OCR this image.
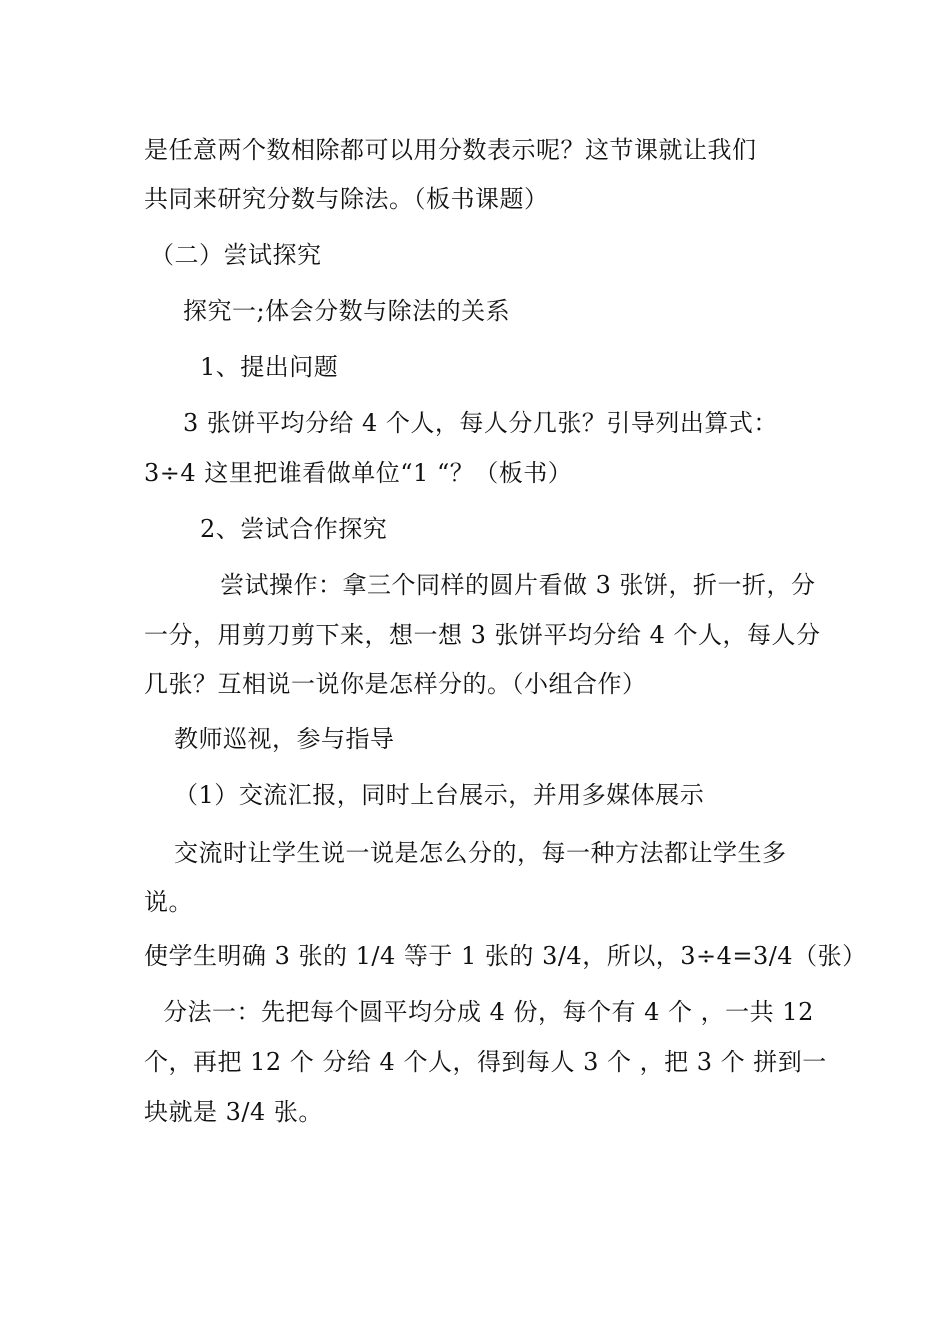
是任意两个数相除都可以用分数表示呢？这节课就让我们
共同来研究分数与除法。（板书课题）
（二）尝试探究
探究一;体会分数与除法的关系
1、提出问题
3 张饼平均分给 4 个人，每人分几张？引导列出算式：
3÷4 这里把谁看做单位“1 “？（板书）
2、尝试合作探究
尝试操作：拿三个同样的圆片看做 3 张饼，折一折，分
一分，用剪刀剪下来，想一想 3 张饼平均分给 4 个人，每人分
几张？互相说一说你是怎样分的。（小组合作）
教师巡视，参与指导
（1）交流汇报，同时上台展示，并用多媒体展示
交流时让学生说一说是怎么分的，每一种方法都让学生多
说。
使学生明确 3 张的 1/4 等于 1 张的 3/4，所以，3÷4=3/4（张）
分法一：先把每个圆平均分成 4 份，每个有 4 个 ，一共 12
个，再把 12 个 分给 4 个人，得到每人 3 个 ，把 3 个 拼到一
块就是 3/4 张。
